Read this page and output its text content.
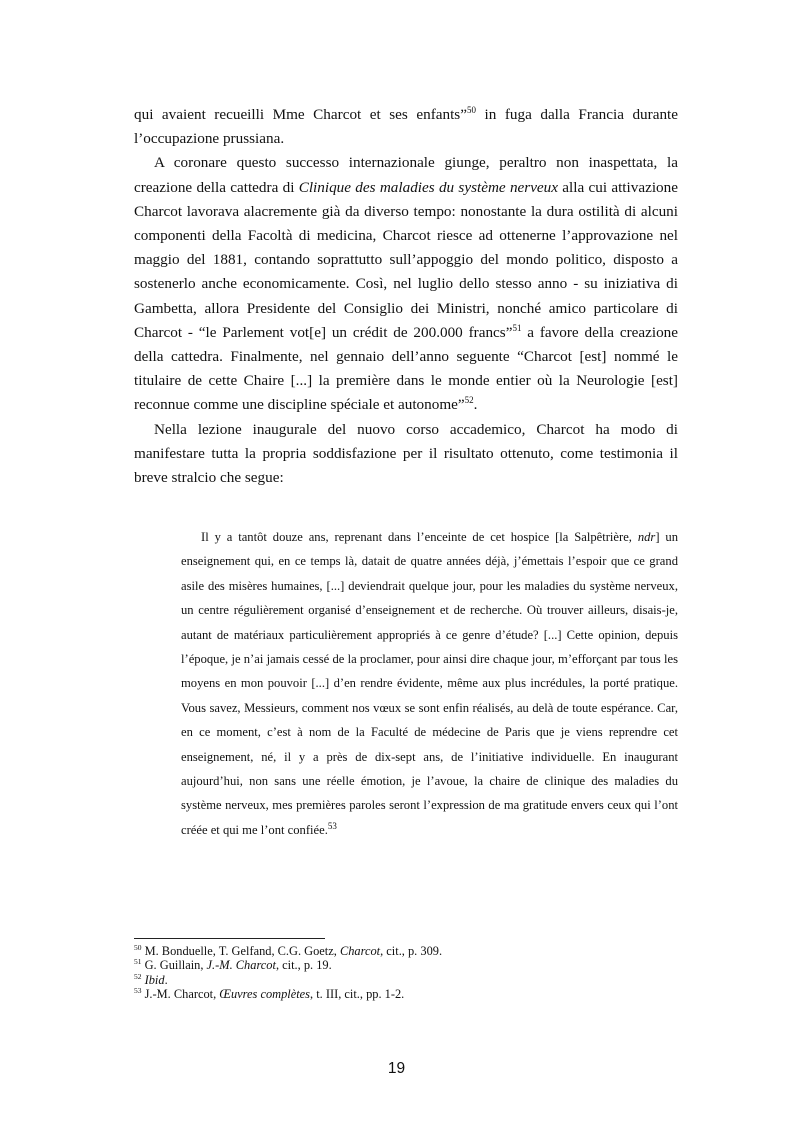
qui avaient recueilli Mme Charcot et ses enfants”$^{50}$ in fuga dalla Francia durante l’occupazione prussiana.

A coronare questo successo internazionale giunge, peraltro non inaspettata, la creazione della cattedra di Clinique des maladies du système nerveux alla cui attivazione Charcot lavorava alacremente già da diverso tempo: nonostante la dura ostilità di alcuni componenti della Facoltà di medicina, Charcot riesce ad ottenerne l’approvazione nel maggio del 1881, contando soprattutto sull’appoggio del mondo politico, disposto a sostenerlo anche economicamente. Così, nel luglio dello stesso anno - su iniziativa di Gambetta, allora Presidente del Consiglio dei Ministri, nonché amico particolare di Charcot - “le Parlement vot[e] un crédit de 200.000 francs”$^{51}$ a favore della creazione della cattedra. Finalmente, nel gennaio dell’anno seguente “Charcot [est] nommé le titulaire de cette Chaire [...] la première dans le monde entier où la Neurologie [est] reconnue comme une discipline spéciale et autonome”$^{52}$.

Nella lezione inaugurale del nuovo corso accademico, Charcot ha modo di manifestare tutta la propria soddisfazione per il risultato ottenuto, come testimonia il breve stralcio che segue:

Il y a tantôt douze ans, reprenant dans l’enceinte de cet hospice [la Salpêtrière, ndr] un enseignement qui, en ce temps là, datait de quatre années déjà, j’émettais l’espoir que ce grand asile des misères humaines, [...] deviendrait quelque jour, pour les maladies du système nerveux, un centre régulièrement organisé d’enseignement et de recherche. Où trouver ailleurs, disais-je, autant de matériaux particulièrement appropriés à ce genre d’étude? [...] Cette opinion, depuis l’époque, je n’ai jamais cessé de la proclamer, pour ainsi dire chaque jour, m’efforçant par tous les moyens en mon pouvoir [...] d’en rendre évidente, même aux plus incrédules, la porté pratique. Vous savez, Messieurs, comment nos vœux se sont enfin réalisés, au delà de toute espérance. Car, en ce moment, c’est à nom de la Faculté de médecine de Paris que je viens reprendre cet enseignement, né, il y a près de dix-sept ans, de l’initiative individuelle. En inaugurant aujourd’hui, non sans une réelle émotion, je l’avoue, la chaire de clinique des maladies du système nerveux, mes premières paroles seront l’expression de ma gratitude envers ceux qui l’ont créée et qui me l’ont confiée.$^{53}$

$^{50}$ M. Bonduelle, T. Gelfand, C.G. Goetz, Charcot, cit., p. 309.

$^{51}$ G. Guillain, J.-M. Charcot, cit., p. 19.

$^{52}$ Ibid.

$^{53}$ J.-M. Charcot, Œuvres complètes, t. III, cit., pp. 1-2.

19
